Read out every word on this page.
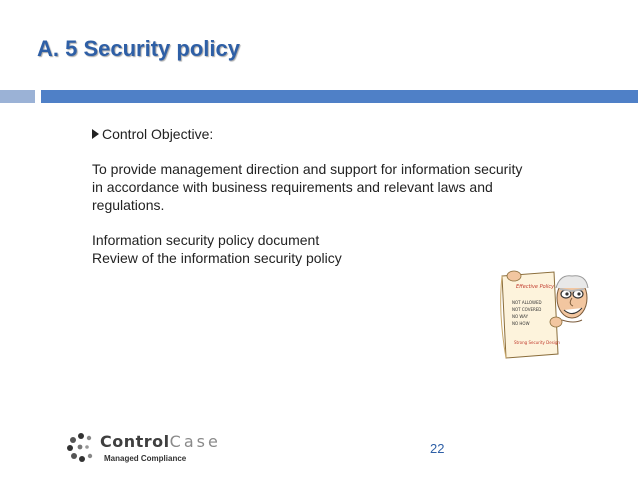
A. 5 Security policy
Control Objective:

To provide management direction and support for information security in accordance with business requirements and relevant laws and regulations.

Information security policy document

Review of the information security policy

Effective Policy
NOT ALLOWED
NOT COVERED
NO WAY
NO HOW
Strong Security Design
ControlCase
Managed Compliance
22
